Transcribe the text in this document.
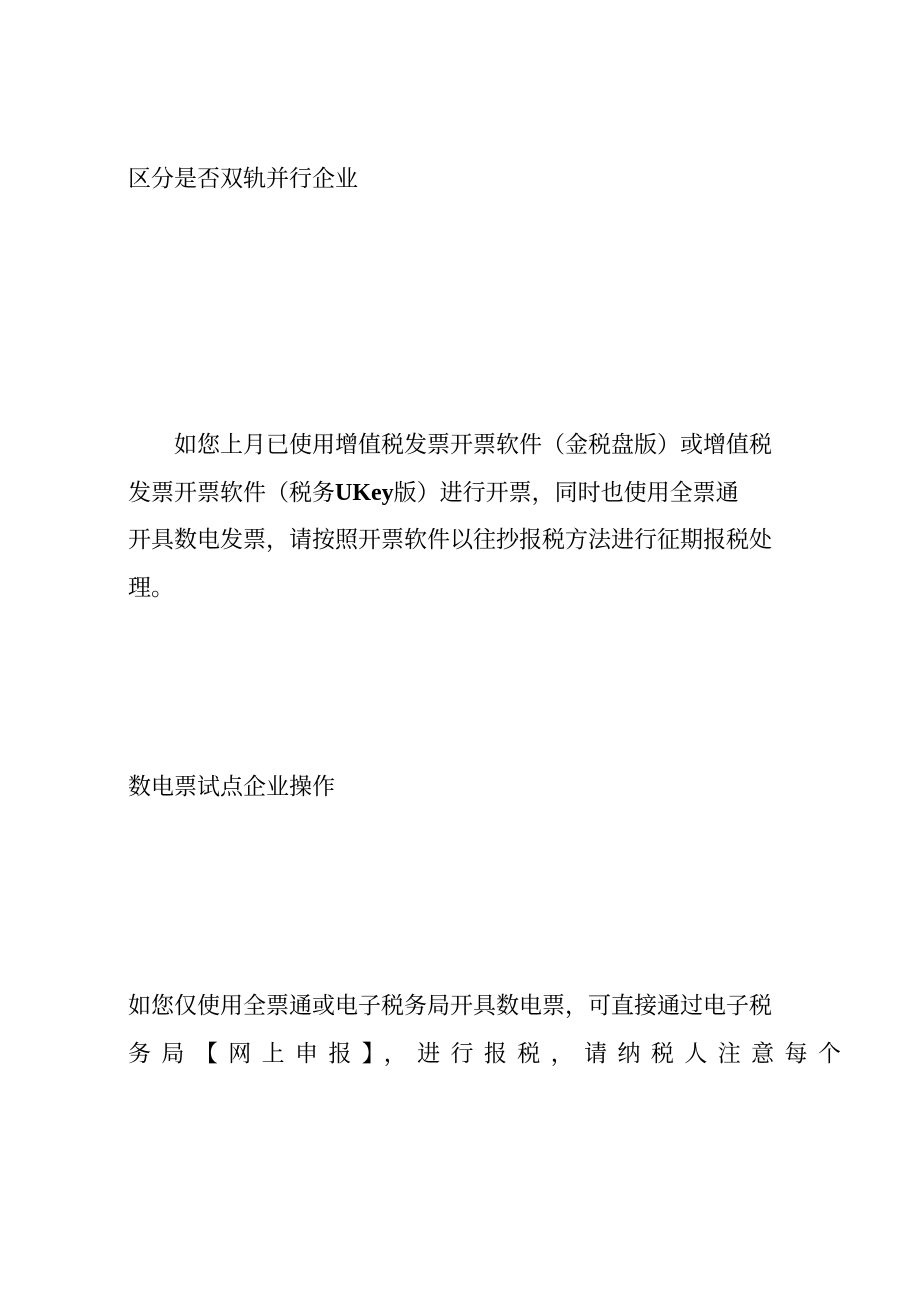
区分是否双轨并行企业
如您上月已使用增值税发票开票软件（金税盘版）或增值税
发票开票软件（税务UKey版）进行开票，同时也使用全票通
开具数电发票，请按照开票软件以往抄报税方法进行征期报税处
理。
数电票试点企业操作
如您仅使用全票通或电子税务局开具数电票，可直接通过电子税
务局【网上申报】，进行报税，请纳税人注意每个
